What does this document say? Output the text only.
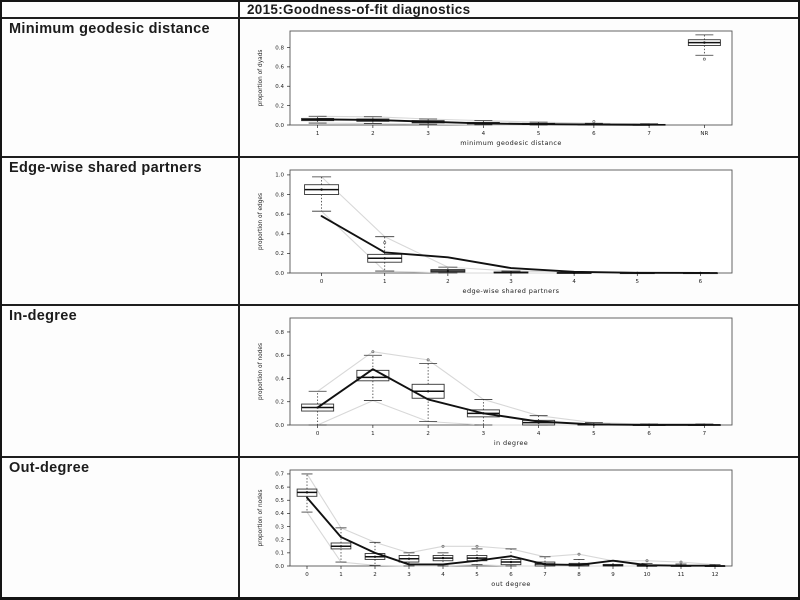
2015:Goodness-of-fit diagnostics
Minimum geodesic distance
0.0
0.2
0.4
0.6
0.8
proportion of dyads
1	2	3	4	5	6	7	NR
minimum geodesic distance
Edge-wise shared partners
0.0
0.2
0.4
0.6
0.8
1.0
proportion of edges
0	1	2	3	4	5	6
edge-wise shared partners
In-degree
0.0
0.2
0.4
0.6
0.8
proportion of nodes
0	1	2	3	4	5	6	7
in degree
Out-degree
0.0
0.1
0.2
0.3
0.4
0.5
0.6
0.7
proportion of nodes
0	1	2	3	4	5	6	7	8	9	10	11	12
out degree
